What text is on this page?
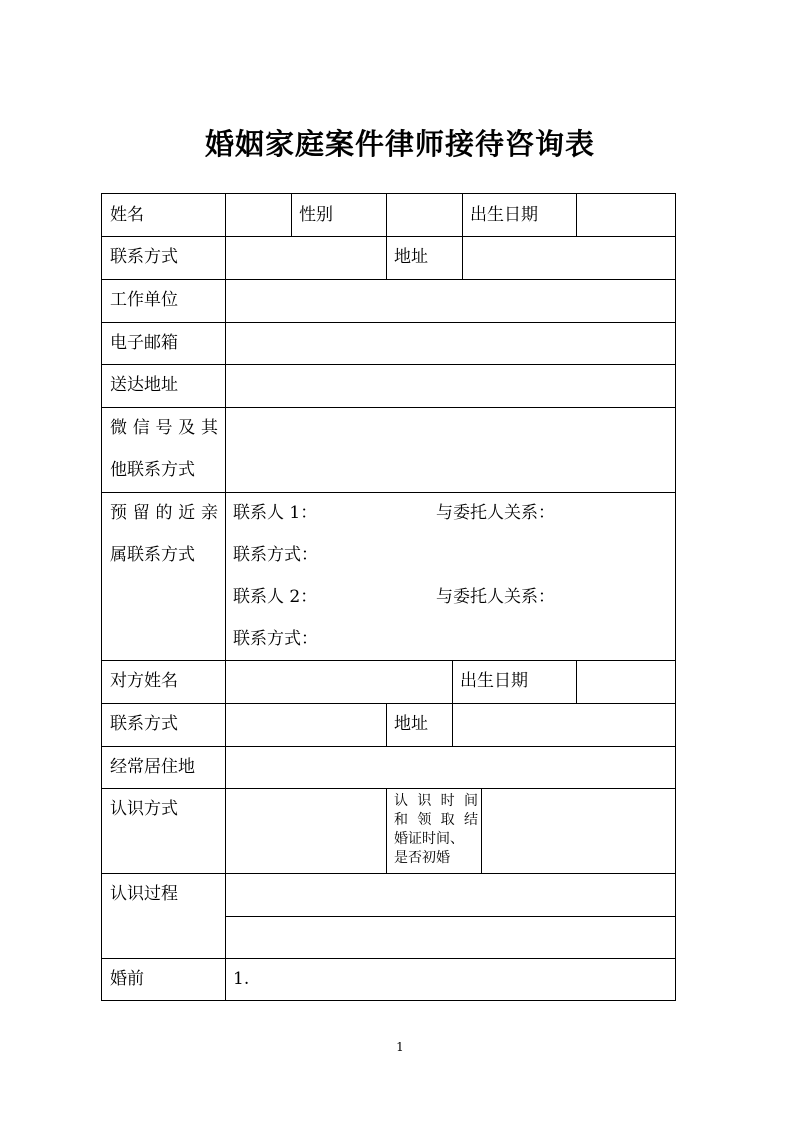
婚姻家庭案件律师接待咨询表
姓名	性别	出生日期
联系方式	地址
工作单位
电子邮箱
送达地址
微 信 号 及 其
他联系方式
预 留 的 近 亲
属联系方式
联系人 1：	与委托人关系：
联系方式：
联系人 2：	与委托人关系：
联系方式：
对方姓名	出生日期
联系方式	地址
经常居住地
认识方式	认 识 时 间
和 领 取 结
婚证时间、
是否初婚
认识过程
婚前	1.
1
